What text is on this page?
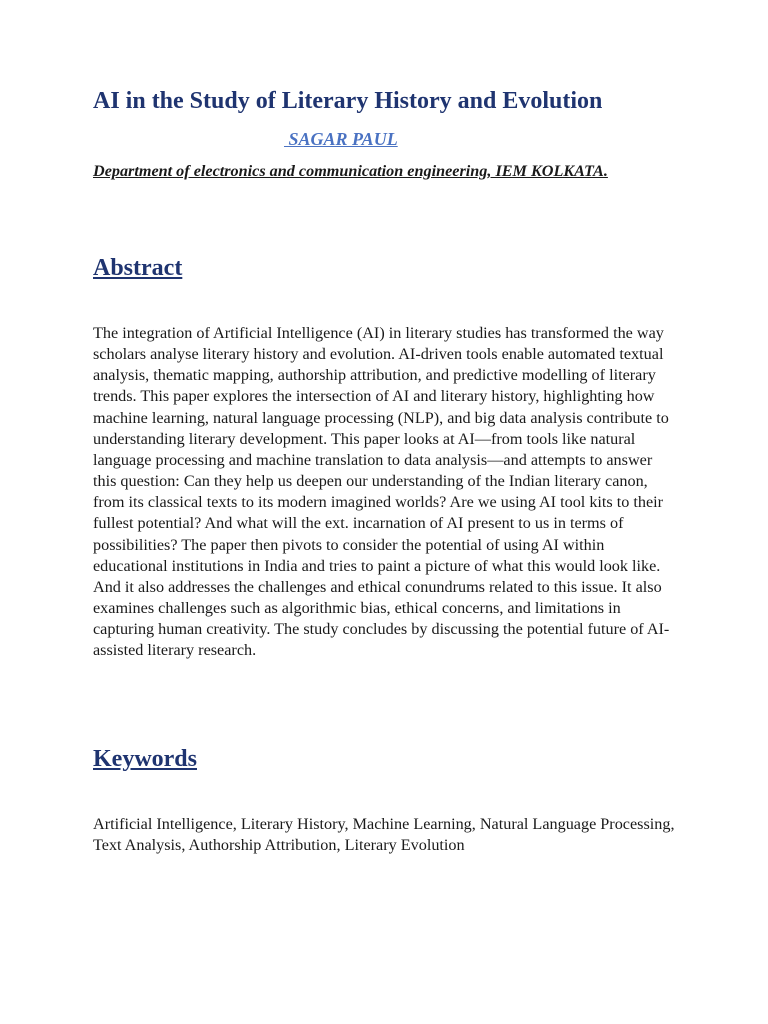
AI in the Study of Literary History and Evolution
SAGAR PAUL
Department of electronics and communication engineering, IEM KOLKATA.
Abstract

The integration of Artificial Intelligence (AI) in literary studies has transformed the way scholars analyse literary history and evolution. AI-driven tools enable automated textual analysis, thematic mapping, authorship attribution, and predictive modelling of literary trends. This paper explores the intersection of AI and literary history, highlighting how machine learning, natural language processing (NLP), and big data analysis contribute to understanding literary development. This paper looks at AI—from tools like natural language processing and machine translation to data analysis—and attempts to answer this question: Can they help us deepen our understanding of the Indian literary canon, from its classical texts to its modern imagined worlds? Are we using AI tool kits to their fullest potential? And what will the ext. incarnation of AI present to us in terms of possibilities? The paper then pivots to consider the potential of using AI within educational institutions in India and tries to paint a picture of what this would look like. And it also addresses the challenges and ethical conundrums related to this issue. It also examines challenges such as algorithmic bias, ethical concerns, and limitations in capturing human creativity. The study concludes by discussing the potential future of AI-assisted literary research.

Keywords

Artificial Intelligence, Literary History, Machine Learning, Natural Language Processing, Text Analysis, Authorship Attribution, Literary Evolution
